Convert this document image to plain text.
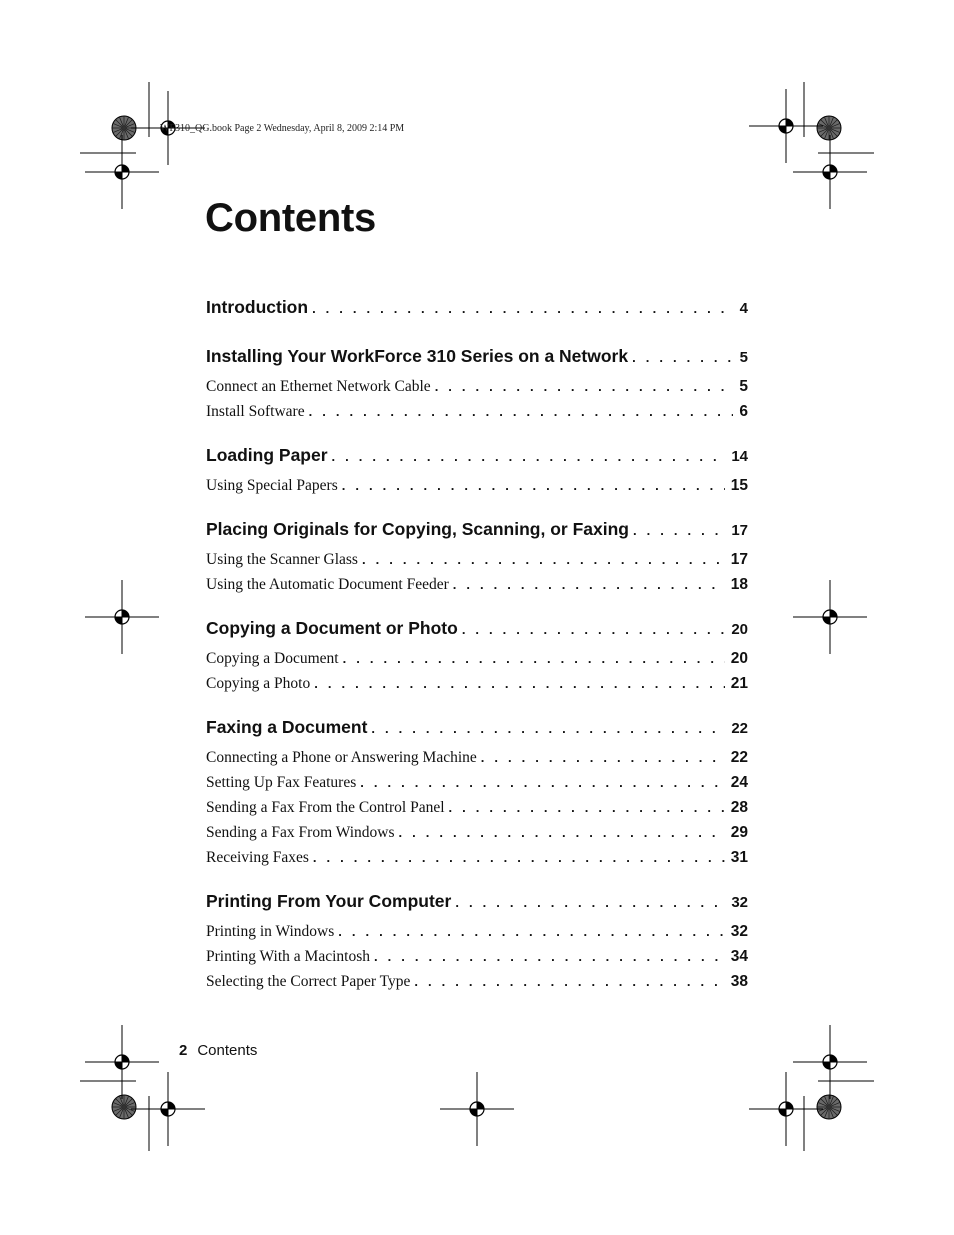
WF310_QG.book Page 2 Wednesday, April 8, 2009 2:14 PM
Contents
Introduction . . .	4
Installing Your WorkForce 310 Series on a Network . . .	5
Connect an Ethernet Network Cable . . .	5
Install Software . . .	6
Loading Paper . . .	14
Using Special Papers . . .	15
Placing Originals for Copying, Scanning, or Faxing . . .	17
Using the Scanner Glass . . .	17
Using the Automatic Document Feeder . . .	18
Copying a Document or Photo . . .	20
Copying a Document . . .	20
Copying a Photo . . .	21
Faxing a Document . . .	22
Connecting a Phone or Answering Machine . . .	22
Setting Up Fax Features . . .	24
Sending a Fax From the Control Panel . . .	28
Sending a Fax From Windows . . .	29
Receiving Faxes . . .	31
Printing From Your Computer . . .	32
Printing in Windows . . .	32
Printing With a Macintosh . . .	34
Selecting the Correct Paper Type . . .	38
2 Contents
